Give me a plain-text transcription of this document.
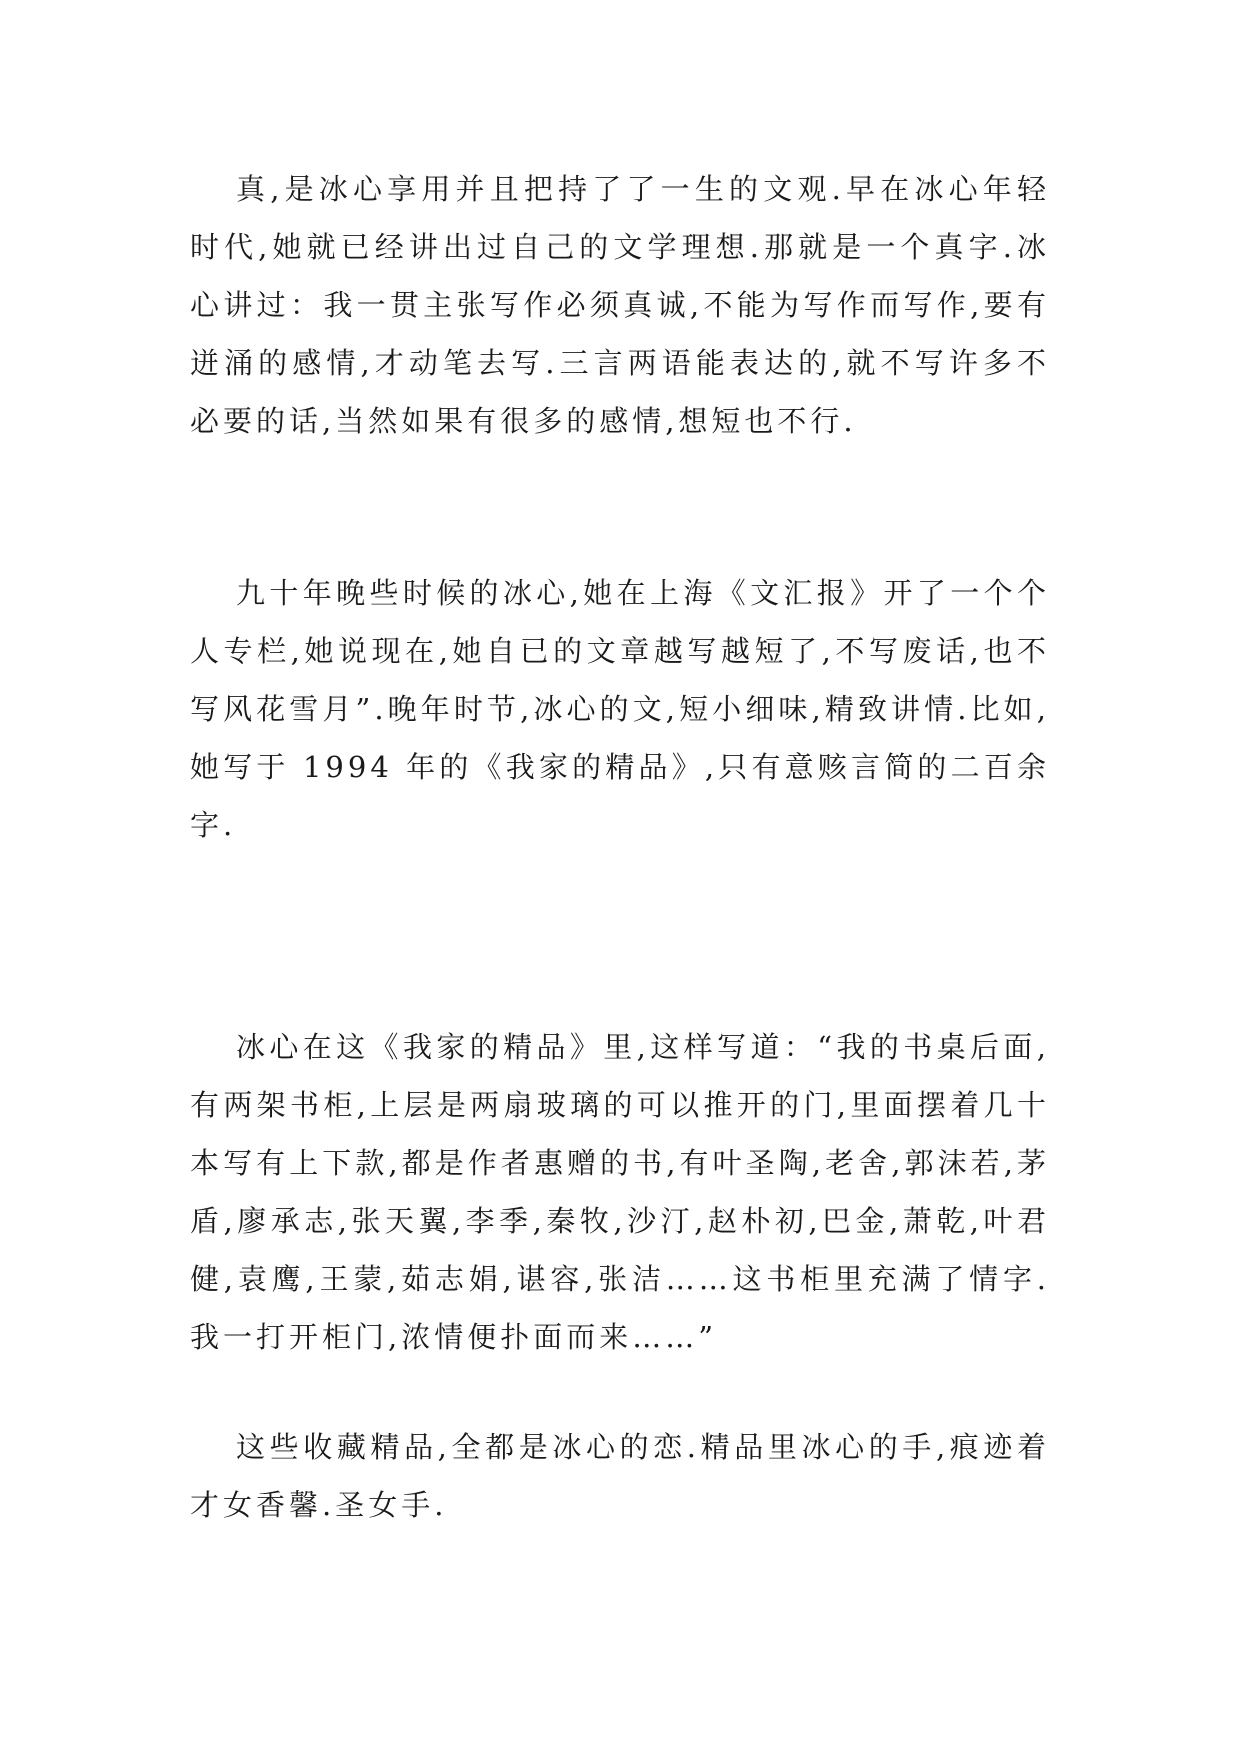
真,是冰心享用并且把持了了一生的文观.早在冰心年轻时代,她就已经讲出过自己的文学理想.那就是一个真字.冰心讲过：我一贯主张写作必须真诚,不能为写作而写作,要有迸涌的感情,才动笔去写.三言两语能表达的,就不写许多不必要的话,当然如果有很多的感情,想短也不行.

九十年晚些时候的冰心,她在上海《文汇报》开了一个个人专栏,她说现在,她自已的文章越写越短了,不写废话,也不写风花雪月”.晚年时节,冰心的文,短小细味,精致讲情.比如,她写于 1994 年的《我家的精品》,只有意赅言简的二百余字.

冰心在这《我家的精品》里,这样写道：“我的书桌后面,有两架书柜,上层是两扇玻璃的可以推开的门,里面摆着几十本写有上下款,都是作者惠赠的书,有叶圣陶,老舍,郭沫若,茅盾,廖承志,张天翼,李季,秦牧,沙汀,赵朴初,巴金,萧乾,叶君健,袁鹰,王蒙,茹志娟,谌容,张洁……这书柜里充满了情字.我一打开柜门,浓情便扑面而来……”

这些收藏精品,全都是冰心的恋.精品里冰心的手,痕迹着才女香馨.圣女手.
